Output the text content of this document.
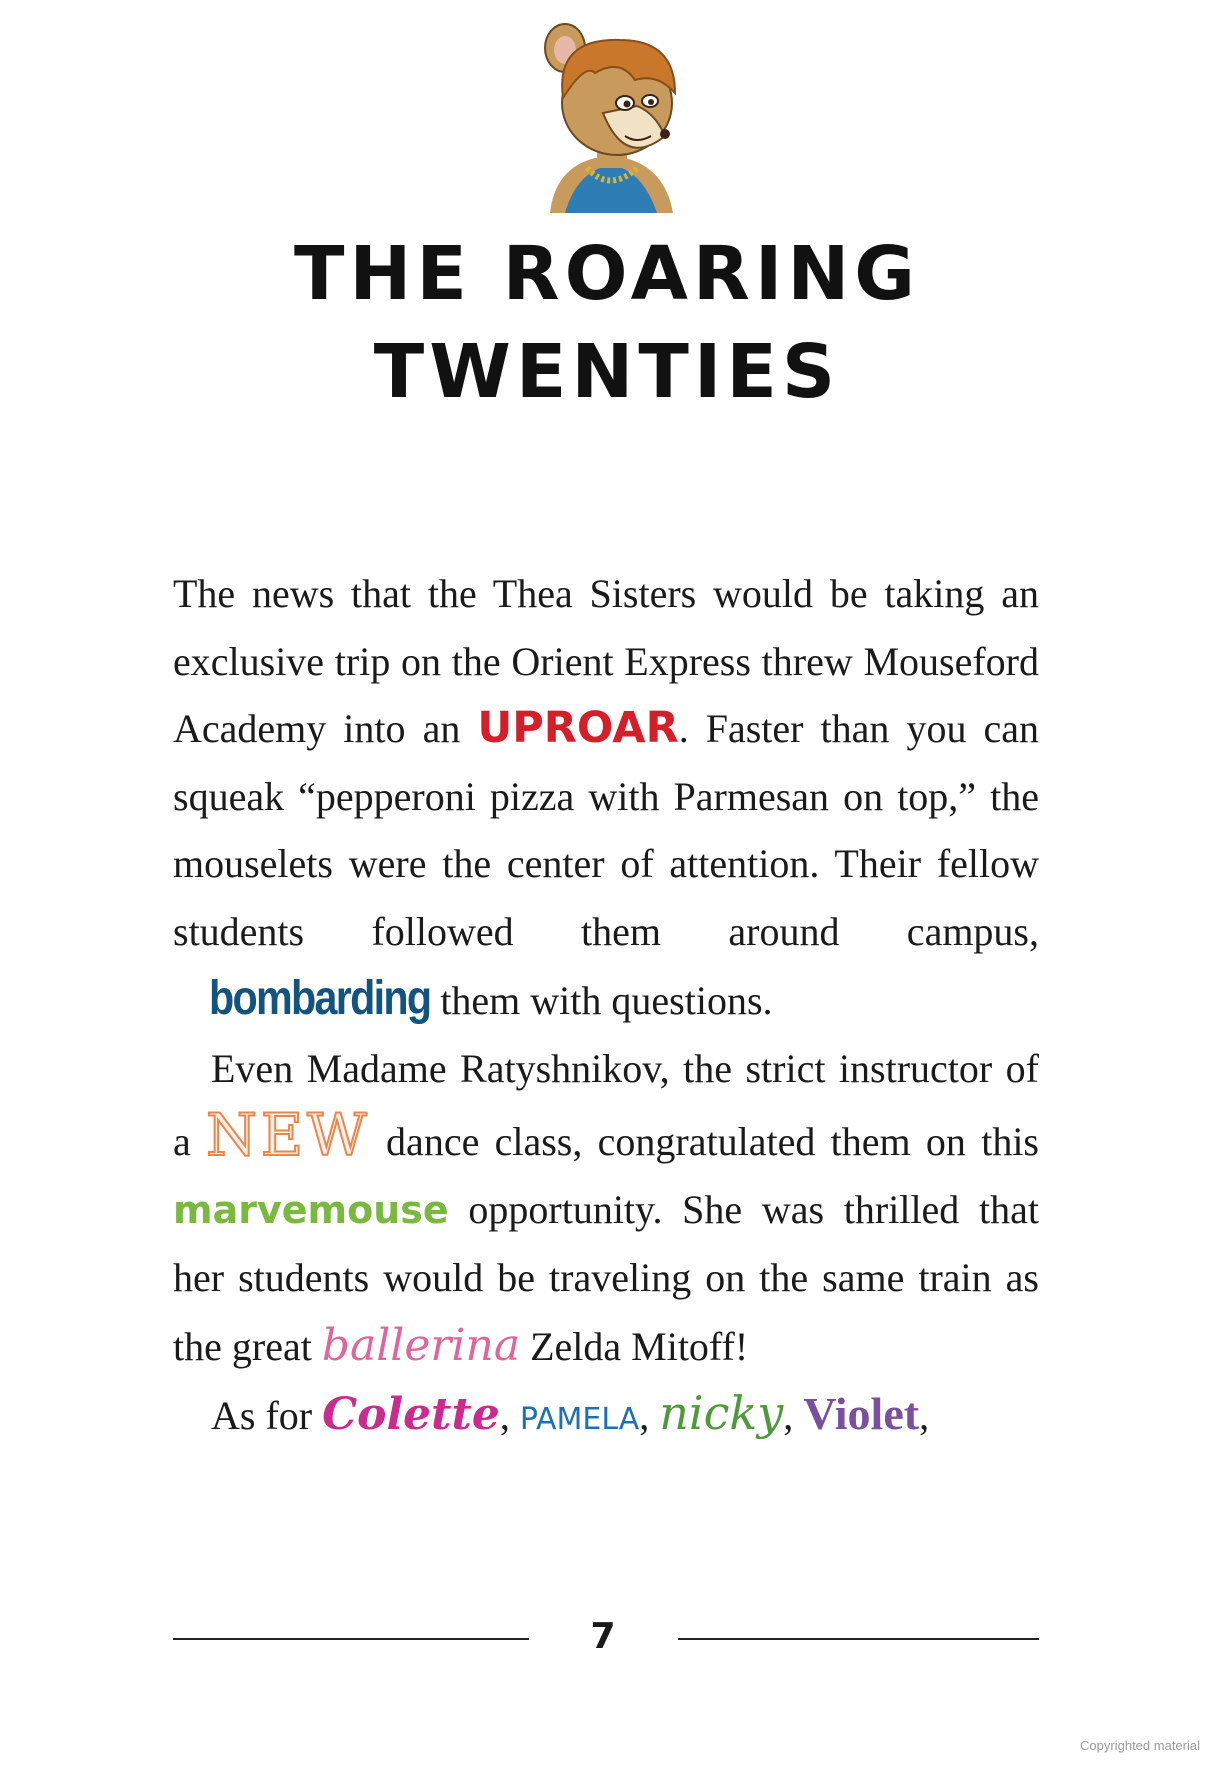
THE ROARING
TWENTIES

The news that the Thea Sisters would be taking an exclusive trip on the Orient Express threw Mouseford Academy into an UPROAR. Faster than you can squeak “pepperoni pizza with Parmesan on top,” the mouselets were the center of attention. Their fellow students followed them around campus, bombarding them with questions.

Even Madame Ratyshnikov, the strict instructor of a NEW dance class, congratulated them on this marvemouse opportunity. She was thrilled that her students would be traveling on the same train as the great ballerina Zelda Mitoff!

As for Colette, PAMELA, nicky, Violet,

7
Copyrighted material
